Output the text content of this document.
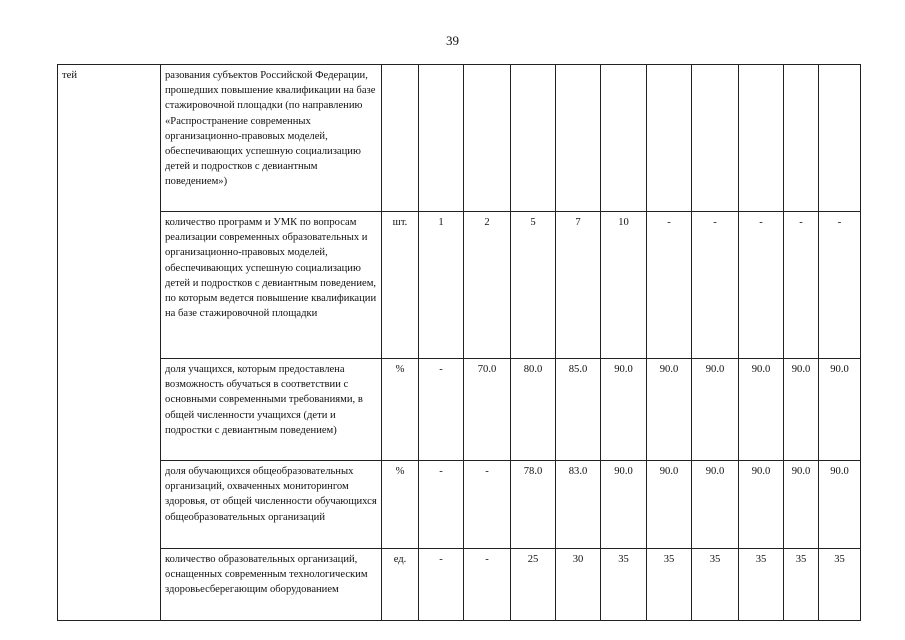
39
тей	разования субъектов Российской Федерации, прошедших повышение квалификации на базе стажировочной площадки (по направлению «Распространение современных организационно-правовых моделей, обеспечивающих успешную социализацию детей и подростков с девиантным поведением»)											
	количество программ и УМК по вопросам реализации современных образовательных и организационно-правовых моделей, обеспечивающих успешную социализацию детей и подростков с девиантным поведением, по которым ведется повышение квалификации на базе стажировочной площадки	шт.	1	2	5	7	10	-	-	-	-	-
	доля учащихся, которым предоставлена возможность обучаться в соответствии с основными современными требованиями, в общей численности учащихся (дети и подростки с девиантным поведением)	%	-	70.0	80.0	85.0	90.0	90.0	90.0	90.0	90.0	90.0
	доля обучающихся общеобразовательных организаций, охваченных мониторингом здоровья, от общей численности обучающихся общеобразовательных организаций	%	-	-	78.0	83.0	90.0	90.0	90.0	90.0	90.0	90.0
	количество образовательных организаций, оснащенных современным технологическим здоровьесберегающим оборудованием	ед.	-	-	25	30	35	35	35	35	35	35
